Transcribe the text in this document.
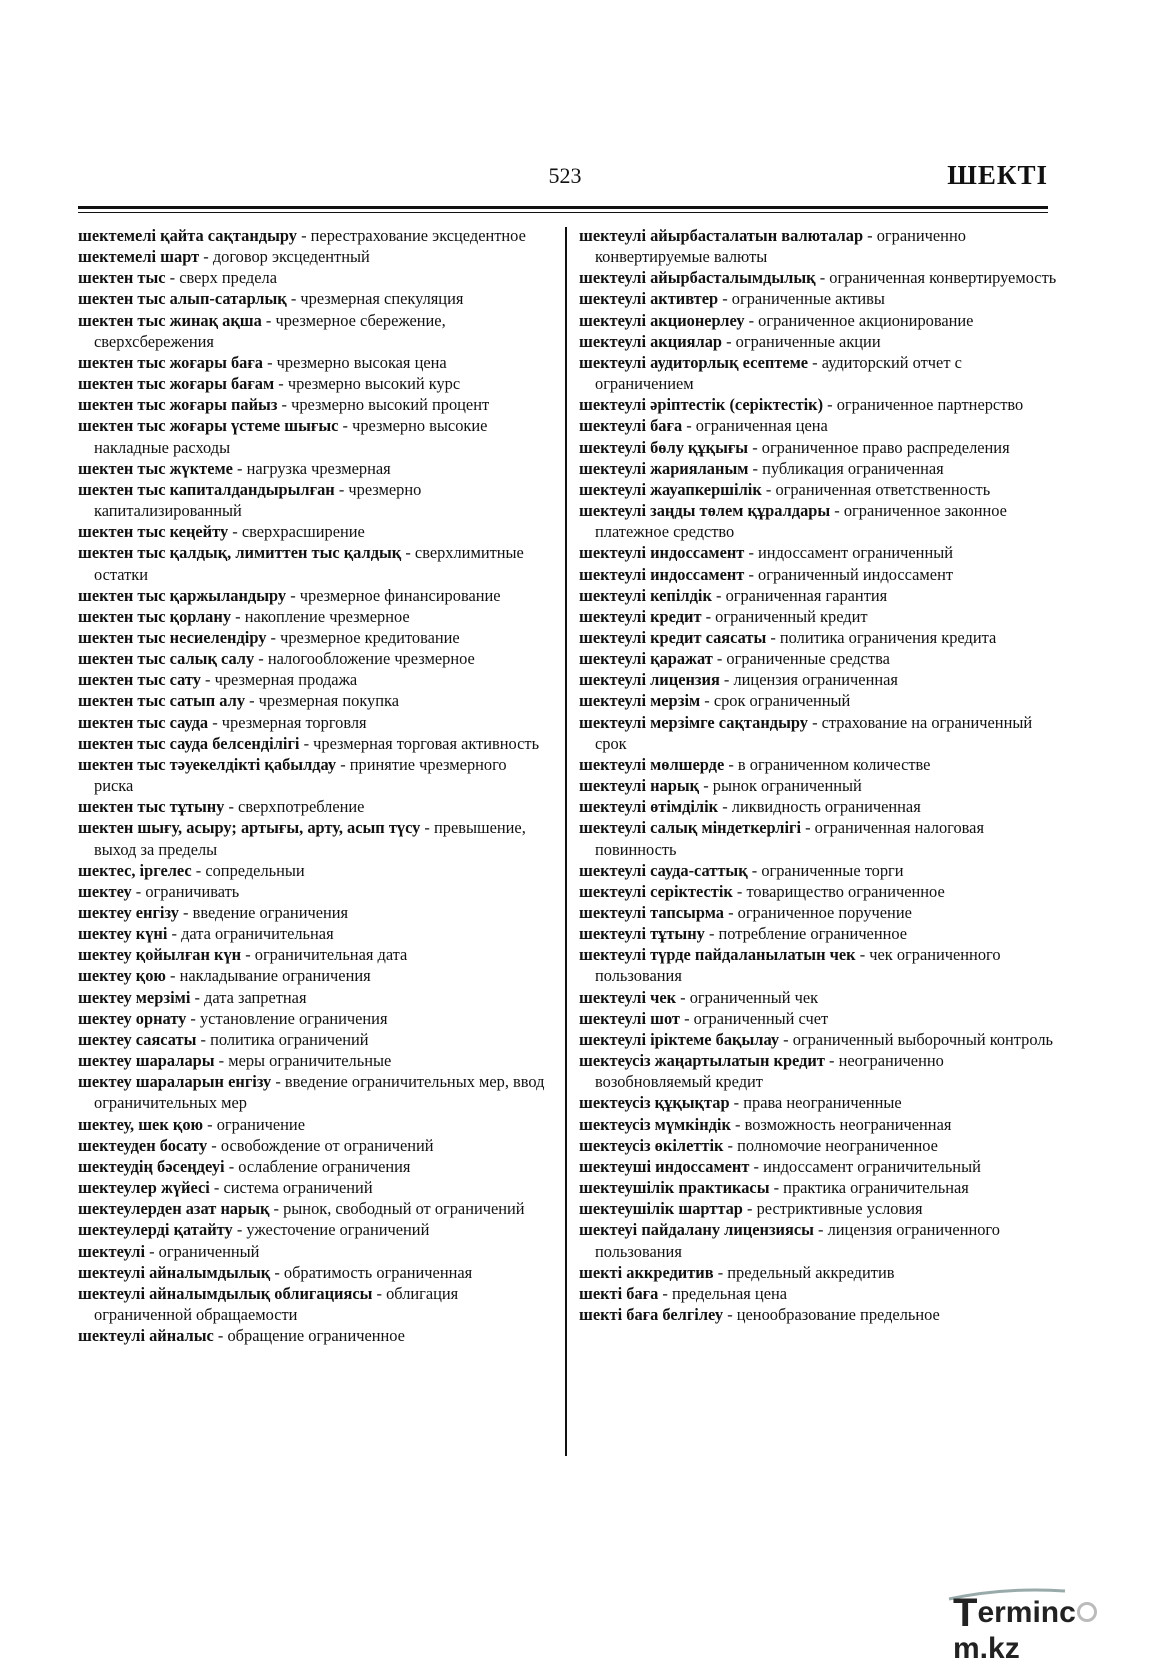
523	ШЕКТІ

шектемелі қайта сақтандыру - перестрахование эксцедентное

шектемелі шарт - договор эксцедентный

шектен тыс - сверх предела

шектен тыс алып-сатарлық - чрезмерная спекуляция

шектен тыс жинақ ақша - чрезмерное сбережение, сверхсбережения

шектен тыс жоғары баға - чрезмерно высокая цена

шектен тыс жоғары бағам - чрезмерно высокий курс

шектен тыс жоғары пайыз - чрезмерно высокий процент

шектен тыс жоғары үстеме шығыс - чрезмерно высокие накладные расходы

шектен тыс жүктеме - нагрузка чрезмерная

шектен тыс капиталдандырылған - чрезмерно капитализированный

шектен тыс кеңейту - сверхрасширение

шектен тыс қалдық, лимиттен тыс қалдық - сверхлимитные остатки

шектен тыс қаржыландыру - чрезмерное финансирование

шектен тыс қорлану - накопление чрезмерное

шектен тыс несиелендіру - чрезмерное кредитование

шектен тыс салық салу - налогообложение чрезмерное

шектен тыс сату - чрезмерная продажа

шектен тыс сатып алу - чрезмерная покупка

шектен тыс сауда - чрезмерная торговля

шектен тыс сауда белсенділігі - чрезмерная торговая активность

шектен тыс тәуекелдікті қабылдау - принятие чрезмерного риска

шектен тыс тұтыну - сверхпотребление

шектен шығу, асыру; артығы, арту, асып түсу - превышение, выход за пределы

шектес, іргелес - сопредельныи

шектеу - ограничивать

шектеу енгізу - введение ограничения

шектеу күні - дата ограничительная

шектеу қойылған күн - ограничительная дата

шектеу қою - накладывание ограничения

шектеу мерзімі - дата запретная

шектеу орнату - установление ограничения

шектеу саясаты - политика ограничений

шектеу шаралары - меры ограничительные

шектеу шараларын енгізу - введение ограничительных мер, ввод ограничительных мер

шектеу, шек қою - ограничение

шектеуден босату - освобождение от ограничений

шектеудің бәсеңдеуі - ослабление ограничения

шектеулер жүйесі - система ограничений

шектеулерден азат нарық - рынок, свободный от ограничений

шектеулерді қатайту - ужесточение ограничений

шектеулі - ограниченный

шектеулі айналымдылық - обратимость ограниченная

шектеулі айналымдылық облигациясы - облигация ограниченной обращаемости

шектеулі айналыс - обращение ограниченное

шектеулі айырбасталатын валюталар - ограниченно конвертируемые валюты

шектеулі айырбасталымдылық - ограниченная конвертируемость

шектеулі активтер - ограниченные активы

шектеулі акционерлеу - ограниченное акционирование

шектеулі акциялар - ограниченные акции

шектеулі аудиторлық есептеме - аудиторский отчет с ограничением

шектеулі әріптестік (серіктестік) - ограниченное партнерство

шектеулі баға - ограниченная цена

шектеулі бөлу құқығы - ограниченное право распределения

шектеулі жарияланым - публикация ограниченная

шектеулі жауапкершілік - ограниченная ответственность

шектеулі заңды төлем құралдары - ограниченное законное платежное средство

шектеулі индоссамент - индоссамент ограниченный

шектеулі индоссамент - ограниченный индоссамент

шектеулі кепілдік - ограниченная гарантия

шектеулі кредит - ограниченный кредит

шектеулі кредит саясаты - политика ограничения кредита

шектеулі қаражат - ограниченные средства

шектеулі лицензия - лицензия ограниченная

шектеулі мерзім - срок ограниченный

шектеулі мерзімге сақтандыру - страхование на ограниченный срок

шектеулі мөлшерде - в ограниченном количестве

шектеулі нарық - рынок ограниченный

шектеулі өтімділік - ликвидность ограниченная

шектеулі салық міндеткерлігі - ограниченная налоговая повинность

шектеулі сауда-саттық - ограниченные торги

шектеулі серіктестік - товарищество ограниченное

шектеулі тапсырма - ограниченное поручение

шектеулі тұтыну - потребление ограниченное

шектеулі түрде пайдаланылатын чек - чек ограниченного пользования

шектеулі чек - ограниченный чек

шектеулі шот - ограниченный счет

шектеулі іріктеме бақылау - ограниченный выборочный контроль

шектеусіз жаңартылатын кредит - неограниченно возобновляемый кредит

шектеусіз құқықтар - права неограниченные

шектеусіз мүмкіндік - возможность неограниченная

шектеусіз өкілеттік - полномочие неограниченное

шектеуші индоссамент - индоссамент ограничительный

шектеушілік практикасы - практика ограничительная

шектеушілік шарттар - рестриктивные условия

шектеуі пайдалану лицензиясы - лицензия ограниченного пользования

шекті аккредитив - предельный аккредитив

шекті баға - предельная цена

шекті баға белгілеу - ценообразование предельное

Termincm.kz
